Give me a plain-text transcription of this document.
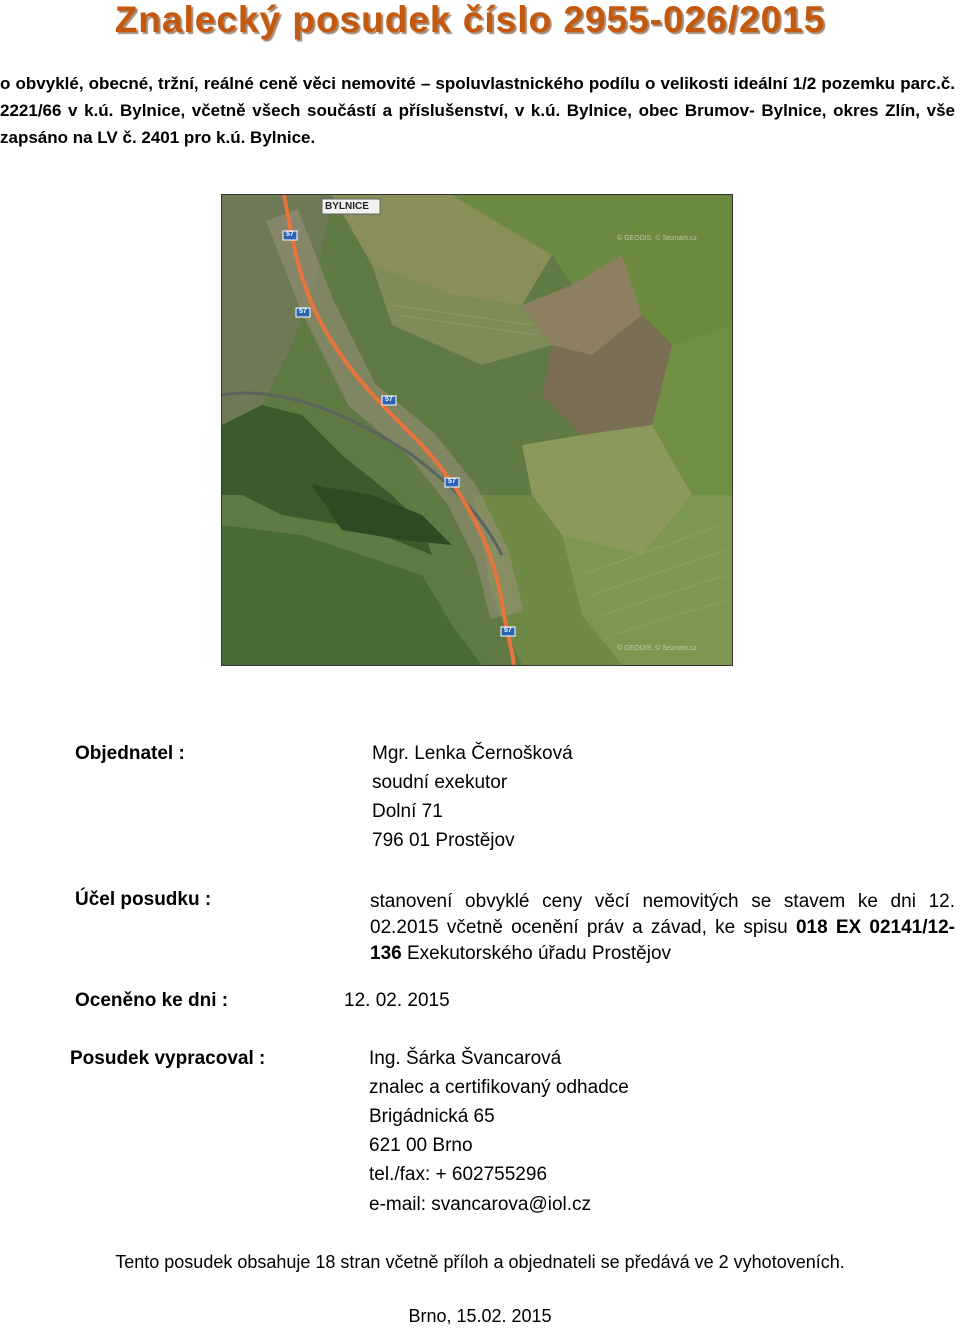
Znalecký posudek číslo 2955-026/2015
o obvyklé, obecné, tržní, reálné ceně věci nemovité – spoluvlastnického podílu o velikosti ideální 1/2 pozemku parc.č. 2221/66 v k.ú. Bylnice, včetně všech součástí a příslušenství, v k.ú. Bylnice, obec Brumov- Bylnice, okres Zlín, vše zapsáno na LV č. 2401 pro k.ú. Bylnice.
BYLNICE
57
57
57
57
57
© GEODIS, © Seznam.cz
© GEODIS, © Seznam.cz
Objednatel :	Mgr. Lenka Černošková
soudní exekutor
Dolní 71
796 01 Prostějov
Účel posudku :	stanovení obvyklé ceny věcí nemovitých se stavem ke dni 12. 02.2015 včetně ocenění práv a závad, ke spisu 018 EX 02141/12-136 Exekutorského úřadu Prostějov
Oceněno ke dni :	12. 02. 2015
Posudek vypracoval :	Ing. Šárka Švancarová
znalec a certifikovaný odhadce
Brigádnická 65
621 00 Brno
tel./fax: + 602755296
e-mail: svancarova@iol.cz
Tento posudek obsahuje 18 stran včetně příloh a objednateli se předává ve 2 vyhotoveních.
Brno, 15.02. 2015
